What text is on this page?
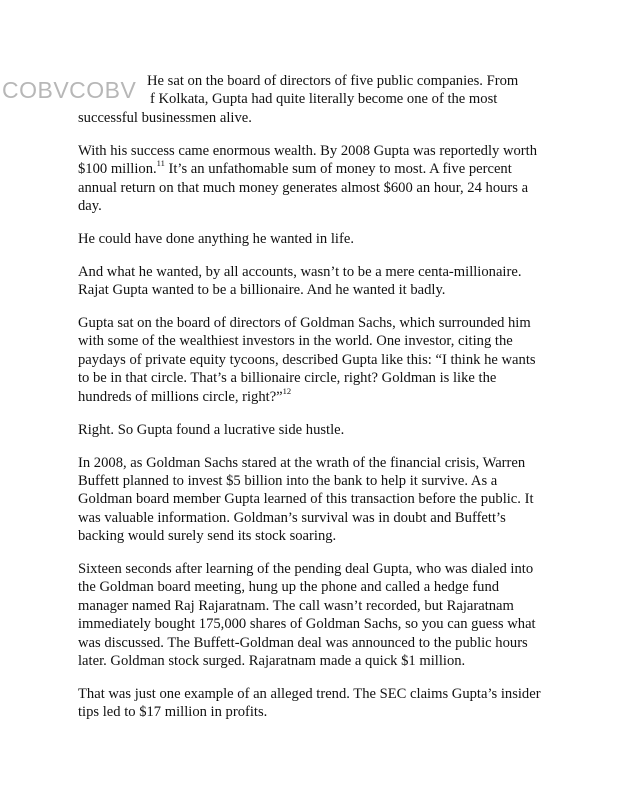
COBVCOBV He sat on the board of directors of five public companies. From
f Kolkata, Gupta had quite literally become one of the most
successful businessmen alive.

With his success came enormous wealth. By 2008 Gupta was reportedly worth $100 million.$^{11}$ It’s an unfathomable sum of money to most. A five percent annual return on that much money generates almost $600 an hour, 24 hours a day.

He could have done anything he wanted in life.

And what he wanted, by all accounts, wasn’t to be a mere centa-millionaire. Rajat Gupta wanted to be a billionaire. And he wanted it badly.

Gupta sat on the board of directors of Goldman Sachs, which surrounded him with some of the wealthiest investors in the world. One investor, citing the paydays of private equity tycoons, described Gupta like this: “I think he wants to be in that circle. That’s a billionaire circle, right? Goldman is like the hundreds of millions circle, right?”$^{12}$

Right. So Gupta found a lucrative side hustle.

In 2008, as Goldman Sachs stared at the wrath of the financial crisis, Warren Buffett planned to invest $5 billion into the bank to help it survive. As a Goldman board member Gupta learned of this transaction before the public. It was valuable information. Goldman’s survival was in doubt and Buffett’s backing would surely send its stock soaring.

Sixteen seconds after learning of the pending deal Gupta, who was dialed into the Goldman board meeting, hung up the phone and called a hedge fund manager named Raj Rajaratnam. The call wasn’t recorded, but Rajaratnam immediately bought 175,000 shares of Goldman Sachs, so you can guess what was discussed. The Buffett-Goldman deal was announced to the public hours later. Goldman stock surged. Rajaratnam made a quick $1 million.

That was just one example of an alleged trend. The SEC claims Gupta’s insider tips led to $17 million in profits.
